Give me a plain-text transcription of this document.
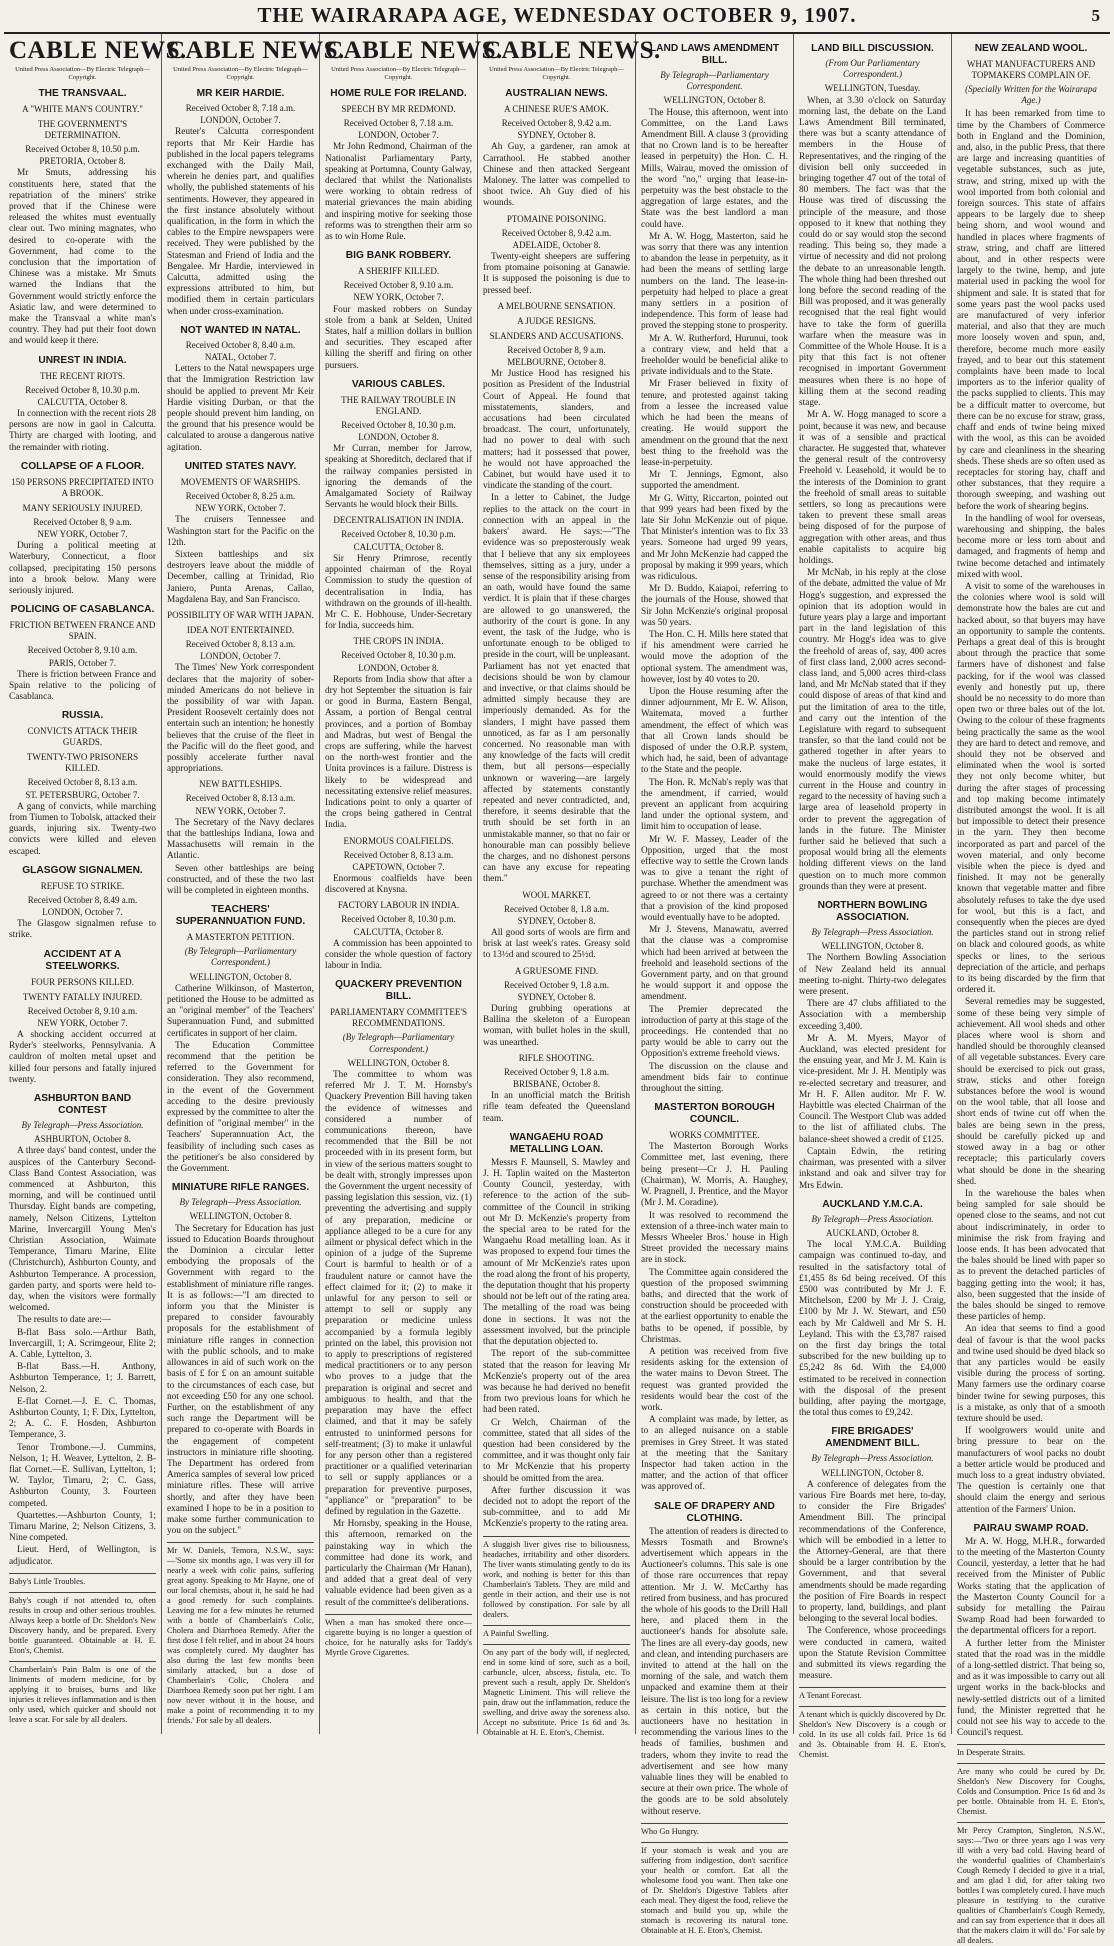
THE WAIRARAPA AGE, WEDNESDAY OCTOBER 9, 1907.	5
CABLE NEWS.
United Press Association—By Electric Telegraph—Copyright.
THE TRANSVAAL.
A "WHITE MAN'S COUNTRY."
THE GOVERNMENT'S DETERMINATION.
Received October 8, 10.50 p.m.
PRETORIA, October 8.
Mr Smuts, addressing his constituents here, stated that the repatriation of the miners' strike proved that if the Chinese were released the whites must eventually clear out. Two mining magnates, who desired to co-operate with the Government, had come to the conclusion that the importation of Chinese was a mistake. Mr Smuts warned the Indians that the Government would strictly enforce the Asiatic law, and were determined to make the Transvaal a white man's country. They had put their foot down and would keep it there.
UNREST IN INDIA.
THE RECENT RIOTS.
Received October 8, 10.30 p.m.
CALCUTTA, October 8.
In connection with the recent riots 28 persons are now in gaol in Calcutta. Thirty are charged with looting, and the remainder with rioting.
COLLAPSE OF A FLOOR.
150 PERSONS PRECIPITATED INTO A BROOK.
MANY SERIOUSLY INJURED.
Received October 8, 9 a.m.
NEW YORK, October 7.
During a political meeting at Waterbury, Connecticut, a floor collapsed, precipitating 150 persons into a brook below. Many were seriously injured.
POLICING OF CASABLANCA.
FRICTION BETWEEN FRANCE AND SPAIN.
Received October 8, 9.10 a.m.
PARIS, October 7.
There is friction between France and Spain relative to the policing of Casablanca.
RUSSIA.
CONVICTS ATTACK THEIR GUARDS.
TWENTY-TWO PRISONERS KILLED.
Received October 8, 8.13 a.m.
ST. PETERSBURG, October 7.
A gang of convicts, while marching from Tiumen to Tobolsk, attacked their guards, injuring six. Twenty-two convicts were killed and eleven escaped.
GLASGOW SIGNALMEN.
REFUSE TO STRIKE.
Received October 8, 8.49 a.m.
LONDON, October 7.
The Glasgow signalmen refuse to strike.
ACCIDENT AT A STEELWORKS.
FOUR PERSONS KILLED.
TWENTY FATALLY INJURED.
Received October 8, 9.10 a.m.
NEW YORK, October 7.
A shocking accident occurred at Ryder's steelworks, Pennsylvania. A cauldron of molten metal upset and killed four persons and fatally injured twenty.
ASHBURTON BAND CONTEST
By Telegraph—Press Association.
ASHBURTON, October 8.
A three days' band contest, under the auspices of the Canterbury Second-Class Band Contest Association, was commenced at Ashburton, this morning, and will be continued until Thursday. Eight bands are competing, namely, Nelson Citizens, Lyttelton Marine, Invercargill Young Men's Christian Association, Waimate Temperance, Timaru Marine, Elite (Christchurch), Ashburton County, and Ashburton Temperance. A procession, garden party, and sports were held to-day, when the visitors were formally welcomed.
The results to date are:—
B-flat Bass solo.—Arthur Bath, Invercargill, 1; A. Scrimgeour, Elite 2; A. Cable, Lyttelton, 3.
B-flat Bass.—H. Anthony, Ashburton Temperance, 1; J. Barrett, Nelson, 2.
E-flat Cornet.—J. E. C. Thomas, Ashburton County, 1; F. Dix, Lyttelton, 2; A. C. F. Hosden, Ashburton Temperance, 3.
Tenor Trombone.—J. Cummins, Nelson, 1; H. Weaver, Lyttelton, 2. B-flat Cornet.—E. Sullivan, Lyttelton, 1; W. Taylor, Timaru, 2; C. Gass, Ashburton County, 3. Fourteen competed.
Quartettes.—Ashburton County, 1; Timaru Marine, 2; Nelson Citizens, 3. Nine competed.
Lieut. Herd, of Wellington, is adjudicator.
Baby's Little Troubles.
Baby's cough if not attended to, often results in croup and other serious troubles. Always keep a bottle of Dr. Sheldon's New Discovery handy, and be prepared. Every bottle guaranteed. Obtainable at H. E. Eton's, Chemist.
Chamberlain's Pain Balm is one of the liniments of modern medicine, for by applying it to bruises, burns and like injuries it relieves inflammation and is then only used, which quicker and should not leave a scar. For sale by all dealers.
CABLE NEWS.
United Press Association—By Electric Telegraph—Copyright.
MR KEIR HARDIE.
Received October 8, 7.18 a.m.
LONDON, October 7.
Reuter's Calcutta correspondent reports that Mr Keir Hardie has published in the local papers telegrams exchanged with the Daily Mail, wherein he denies part, and qualifies wholly, the published statements of his sentiments. However, they appeared in the first instance absolutely without qualification, in the form in which the cables to the Empire newspapers were received. They were published by the Statesman and Friend of India and the Bengalee. Mr Hardie, interviewed in Calcutta, admitted using the expressions attributed to him, but modified them in certain particulars when under cross-examination.
NOT WANTED IN NATAL.
Received October 8, 8.40 a.m.
NATAL, October 7.
Letters to the Natal newspapers urge that the Immigration Restriction law should be applied to prevent Mr Keir Hardie visiting Durban, or that the people should prevent him landing, on the ground that his presence would be calculated to arouse a dangerous native agitation.
UNITED STATES NAVY.
MOVEMENTS OF WARSHIPS.
Received October 8, 8.25 a.m.
NEW YORK, October 7.
The cruisers Tennessee and Washington start for the Pacific on the 12th.
Sixteen battleships and six destroyers leave about the middle of December, calling at Trinidad, Rio Janiero, Punta Arenas, Callao, Magdalena Bay, and San Francisco.
POSSIBILITY OF WAR WITH JAPAN.
IDEA NOT ENTERTAINED.
Received October 8, 8.13 a.m.
LONDON, October 7.
The Times' New York correspondent declares that the majority of sober-minded Americans do not believe in the possibility of war with Japan. President Roosevelt certainly does not entertain such an intention; he honestly believes that the cruise of the fleet in the Pacific will do the fleet good, and possibly accelerate further naval appropriations.
NEW BATTLESHIPS.
Received October 8, 8.13 a.m.
NEW YORK, October 7.
The Secretary of the Navy declares that the battleships Indiana, Iowa and Massachusetts will remain in the Atlantic.
Seven other battleships are being constructed, and of these the two last will be completed in eighteen months.
TEACHERS' SUPERANNUATION FUND.
A MASTERTON PETITION.
(By Telegraph—Parliamentary Correspondent.)
WELLINGTON, October 8.
Catherine Wilkinson, of Masterton, petitioned the House to be admitted as an "original member" of the Teachers' Superannuation Fund, and submitted certificates in support of her claim.
The Education Committee recommend that the petition be referred to the Government for consideration. They also recommend, in the event of the Government acceding to the desire previously expressed by the committee to alter the definition of "original member" in the Teachers' Superannuation Act, the feasibility of including such cases as the petitioner's be also considered by the Government.
MINIATURE RIFLE RANGES.
By Telegraph—Press Association.
WELLINGTON, October 8.
The Secretary for Education has just issued to Education Boards throughout the Dominion a circular letter embodying the proposals of the Government with regard to the establishment of miniature rifle ranges. It is as follows:—"I am directed to inform you that the Minister is prepared to consider favourably proposals for the establishment of miniature rifle ranges in connection with the public schools, and to make allowances in aid of such work on the basis of £ for £ on an amount suitable to the circumstances of each case, but not exceeding £50 for any one school. Further, on the establishment of any such range the Department will be prepared to co-operate with Boards in the engagement of competent instructors in miniature rifle shooting. The Department has ordered from America samples of several low priced miniature rifles. These will arrive shortly, and after they have been examined I hope to be in a position to make some further communication to you on the subject."
Mr W. Daniels, Temora, N.S.W., says:—'Some six months ago, I was very ill for nearly a week with colic pains, suffering great agony. Speaking to Mr Hayne, one of our local chemists, about it, he said he had a good remedy for such complaints. Leaving me for a few minutes he returned with a bottle of Chamberlain's Colic, Cholera and Diarrhoea Remedy. After the first dose I felt relief, and in about 24 hours was completely cured. My daughter has also during the last few months been similarly attacked, but a dose of Chamberlain's Colic, Cholera and Diarrhoea Remedy soon put her right. I am now never without it in the house, and make a point of recommending it to my friends.' For sale by all dealers.
CABLE NEWS.
United Press Association—By Electric Telegraph—Copyright.
HOME RULE FOR IRELAND.
SPEECH BY MR REDMOND.
Received October 8, 7.18 a.m.
LONDON, October 7.
Mr John Redmond, Chairman of the Nationalist Parliamentary Party, speaking at Portumna, County Galway, declared that whilst the Nationalists were working to obtain redress of material grievances the main abiding and inspiring motive for seeking those reforms was to strengthen their arm so as to win Home Rule.
BIG BANK ROBBERY.
A SHERIFF KILLED.
Received October 8, 9.10 a.m.
NEW YORK, October 7.
Four masked robbers on Sunday stole from a bank at Selden, United States, half a million dollars in bullion and securities. They escaped after killing the sheriff and firing on other pursuers.
VARIOUS CABLES.
THE RAILWAY TROUBLE IN ENGLAND.
Received October 8, 10.30 p.m.
LONDON, October 8.
Mr Curran, member for Jarrow, speaking at Shoreditch, declared that if the railway companies persisted in ignoring the demands of the Amalgamated Society of Railway Servants he would block their Bills.
DECENTRALISATION IN INDIA.
Received October 8, 10.30 p.m.
CALCUTTA, October 8.
Sir Henry Primrose, recently appointed chairman of the Royal Commission to study the question of decentralisation in India, has withdrawn on the grounds of ill-health. Mr C. E. Hobhouse, Under-Secretary for India, succeeds him.
THE CROPS IN INDIA.
Received October 8, 10.30 p.m.
LONDON, October 8.
Reports from India show that after a dry hot September the situation is fair or good in Burma, Eastern Bengal, Assam, a portion of Bengal central provinces, and a portion of Bombay and Madras, but west of Bengal the crops are suffering, while the harvest on the north-west frontier and the Unita provinces is a failure. Distress is likely to be widespread and necessitating extensive relief measures. Indications point to only a quarter of the crops being gathered in Central India.
ENORMOUS COALFIELDS.
Received October 8, 8.13 a.m.
CAPETOWN, October 7.
Enormous coalfields have been discovered at Knysna.
FACTORY LABOUR IN INDIA.
Received October 8, 10.30 p.m.
CALCUTTA, October 8.
A commission has been appointed to consider the whole question of factory labour in India.
QUACKERY PREVENTION BILL.
PARLIAMENTARY COMMITTEE'S RECOMMENDATIONS.
(By Telegraph—Parliamentary Correspondent.)
WELLINGTON, October 8.
The committee to whom was referred Mr J. T. M. Hornsby's Quackery Prevention Bill having taken the evidence of witnesses and considered a number of communications thereon, have recommended that the Bill be not proceeded with in its present form, but in view of the serious matters sought to be dealt with, strongly impresses upon the Government the urgent necessity of passing legislation this session, viz. (1) preventing the advertising and supply of any preparation, medicine or appliance alleged to be a cure for any ailment or physical defect which in the opinion of a judge of the Supreme Court is harmful to health or of a fraudulent nature or cannot have the effect claimed for it; (2) to make it unlawful for any person to sell or attempt to sell or supply any preparation or medicine unless accompanied by a formula legibly printed on the label, this provision not to apply to prescriptions of registered medical practitioners or to any person who proves to a judge that the preparation is original and secret and ambiguous to health, and that the preparation may have the effect claimed, and that it may be safely entrusted to uninformed persons for self-treatment; (3) to make it unlawful for any person other than a registered practitioner or a qualified veterinarian to sell or supply appliances or a preparation for preventive purposes, "appliance" or "preparation" to be defined by regulation in the Gazette.
Mr Hornsby, speaking in the House, this afternoon, remarked on the painstaking way in which the committee had done its work, and particularly the Chairman (Mr Hanan), and added that a great deal of very valuable evidence had been given as a result of the committee's deliberations.
When a man has smoked there once—cigarette buying is no longer a question of choice, for he naturally asks for Taddy's Myrtle Grove Cigarettes.
CABLE NEWS.
United Press Association—By Electric Telegraph—Copyright.
AUSTRALIAN NEWS.
A CHINESE RUE'S AMOK.
Received October 8, 9.42 a.m.
SYDNEY, October 8.
Ah Guy, a gardener, ran amok at Carrathool. He stabbed another Chinese and then attacked Sergeant Maloney. The latter was compelled to shoot twice. Ah Guy died of his wounds.
PTOMAINE POISONING.
Received October 8, 9.42 a.m.
ADELAIDE, October 8.
Twenty-eight sheepers are suffering from ptomaine poisoning at Ganawie. It is supposed the poisoning is due to pressed beef.
A MELBOURNE SENSATION.
A JUDGE RESIGNS.
SLANDERS AND ACCUSATIONS.
Received October 8, 9 a.m.
MELBOURNE, October 8.
Mr Justice Hood has resigned his position as President of the Industrial Court of Appeal. He found that misstatements, slanders, and accusations had been circulated broadcast. The court, unfortunately, had no power to deal with such matters; had it possessed that power, he would not have approached the Cabinet, but would have used it to vindicate the standing of the court.
In a letter to Cabinet, the Judge replies to the attack on the court in connection with an appeal in the bakers' award. He says:—"The evidence was so preposterously weak that I believe that any six employees themselves, sitting as a jury, under a sense of the responsibility arising from an oath, would have found the same verdict. It is plain that if these charges are allowed to go unanswered, the authority of the court is gone. In any event, the task of the Judge, who is unfortunate enough to be obliged to preside in the court, will be unpleasant. Parliament has not yet enacted that decisions should be won by clamour and invective, or that claims should be admitted simply because they are imperiously demanded. As for the slanders, I might have passed them unnoticed, as far as I am personally concerned. No reasonable man with any knowledge of the facts will credit them, but all persons—especially unknown or wavering—are largely affected by statements constantly repeated and never contradicted, and, therefore, it seems desirable that the truth should be set forth in an unmistakable manner, so that no fair or honourable man can possibly believe the charges, and no dishonest persons can have any excuse for repeating them."
WOOL MARKET.
Received October 8, 1.8 a.m.
SYDNEY, October 8.
All good sorts of wools are firm and brisk at last week's rates. Greasy sold to 13½d and scoured to 25½d.
A GRUESOME FIND.
Received October 9, 1.8 a.m.
SYDNEY, October 8.
During grubbing operations at Ballina the skeleton of a European woman, with bullet holes in the skull, was unearthed.
RIFLE SHOOTING.
Received October 9, 1.8 a.m.
BRISBANE, October 8.
In an unofficial match the British rifle team defeated the Queensland team.
WANGAEHU ROAD METALLING LOAN.
Messrs F. Maunsell, S. Mawley and J. H. Taplin waited on the Masterton County Council, yesterday, with reference to the action of the sub-committee of the Council in striking out Mr D. McKenzie's property from the special area to be rated for the Wangaehu Road metalling loan. As it was proposed to expend four times the amount of Mr McKenzie's rates upon the road along the front of his property, the deputation thought that his property should not be left out of the rating area. The metalling of the road was being done in sections. It was not the assessment involved, but the principle that the deputation objected to.
The report of the sub-committee stated that the reason for leaving Mr McKenzie's property out of the area was because he had derived no benefit from two previous loans for which he had been rated.
Cr Welch, Chairman of the committee, stated that all sides of the question had been considered by the committee, and it was thought only fair to Mr McKenzie that his property should be omitted from the area.
After further discussion it was decided not to adopt the report of the sub-committee, and to add Mr McKenzie's property to the rating area.
A sluggish liver gives rise to biliousness, headaches, irritability and other disorders. The liver wants stimulating gently to do its work, and nothing is better for this than Chamberlain's Tablets. They are mild and gentle in their action, and their use is not followed by constipation. For sale by all dealers.
A Painful Swelling.
On any part of the body will, if neglected, end in some kind of sore, such as a boil, carbuncle, ulcer, abscess, fistula, etc. To prevent such a result, apply Dr. Sheldon's Magnetic Liniment. This will relieve the pain, draw out the inflammation, reduce the swelling, and drive away the soreness also. Accept no substitute. Price 1s 6d and 3s. Obtainable at H. E. Eton's, Chemist.
LAND LAWS AMENDMENT BILL.
By Telegraph—Parliamentary Correspondent.
WELLINGTON, October 8.
The House, this afternoon, went into Committee, on the Land Laws Amendment Bill. A clause 3 (providing that no Crown land is to be hereafter leased in perpetuity) the Hon. C. H. Mills, Wairau, moved the omission of the word "no," urging that lease-in-perpetuity was the best obstacle to the aggregation of large estates, and the State was the best landlord a man could have.
Mr A. W. Hogg, Masterton, said he was sorry that there was any intention to abandon the lease in perpetuity, as it had been the means of settling large numbers on the land. The lease-in-perpetuity had helped to place a great many settlers in a position of independence. This form of lease had proved the stepping stone to prosperity.
Mr A. W. Rutherford, Hurunui, took a contrary view, and held that a freeholder would be beneficial alike to private individuals and to the State.
Mr Fraser believed in fixity of tenure, and protested against taking from a lessee the increased value which he had been the means of creating. He would support the amendment on the ground that the next best thing to the freehold was the lease-in-perpetuity.
Mr T. Jennings, Egmont, also supported the amendment.
Mr G. Witty, Riccarton, pointed out that 999 years had been fixed by the late Sir John McKenzie out of pique. That Minister's intention was to fix 33 years. Someone had urged 99 years, and Mr John McKenzie had capped the proposal by making it 999 years, which was ridiculous.
Mr D. Buddo, Kaiapoi, referring to the journals of the House, showed that Sir John McKenzie's original proposal was 50 years.
The Hon. C. H. Mills here stated that if his amendment were carried he would move the adoption of the optional system. The amendment was, however, lost by 40 votes to 20.
Upon the House resuming after the dinner adjournment, Mr E. W. Alison, Waitemata, moved a further amendment, the effect of which was that all Crown lands should be disposed of under the O.R.P. system, which had, he said, been of advantage to the State and the people.
The Hon. R. McNab's reply was that the amendment, if carried, would prevent an applicant from acquiring land under the optional system, and limit him to occupation of lease.
Mr W. F. Massey, Leader of the Opposition, urged that the most effective way to settle the Crown lands was to give a tenant the right of purchase. Whether the amendment was agreed to or not there was a certainty that a provision of the kind proposed would eventually have to be adopted.
Mr J. Stevens, Manawatu, averred that the clause was a compromise which had been arrived at between the freehold and leasehold sections of the Government party, and on that ground he would support it and oppose the amendment.
The Premier deprecated the introduction of party at this stage of the proceedings. He contended that no party would be able to carry out the Opposition's extreme freehold views.
The discussion on the clause and amendment bids fair to continue throughout the sitting.
MASTERTON BOROUGH COUNCIL.
WORKS COMMITTEE.
The Masterton Borough Works Committee met, last evening, there being present—Cr J. H. Pauling (Chairman), W. Morris, A. Haughey, W. Pragnell, J. Prentice, and the Mayor (Mr J. M. Coradine).
It was resolved to recommend the extension of a three-inch water main to Messrs Wheeler Bros.' house in High Street provided the necessary mains are in stock.
The Committee again considered the question of the proposed swimming baths, and directed that the work of construction should be proceeded with at the earliest opportunity to enable the baths to be opened, if possible, by Christmas.
A petition was received from five residents asking for the extension of the water mains to Devon Street. The request was granted provided the residents would bear the cost of the work.
A complaint was made, by letter, as to an alleged nuisance on a stable premises in Grey Street. It was stated at the meeting that the Sanitary Inspector had taken action in the matter, and the action of that officer was approved of.
SALE OF DRAPERY AND CLOTHING.
The attention of readers is directed to Messrs Tosmath and Browne's advertisement which appears in the Auctioneer's columns. This sale is one of those rare occurrences that repay attention. Mr J. W. McCarthy has retired from business, and has procured the whole of his goods to the Drill Hall here, and placed them in the auctioneer's hands for absolute sale. The lines are all every-day goods, new and clean, and intending purchasers are invited to attend at the hall on the morning of the sale, and watch them unpacked and examine them at their leisure. The list is too long for a review as certain in this notice, but the auctioneers have no hesitation in recommending the various lines to the heads of families, bushmen and traders, whom they invite to read the advertisement and see how many valuable lines they will be enabled to secure at their own price. The whole of the goods are to be sold absolutely without reserve.
Who Go Hungry.
If your stomach is weak and you are suffering from indigestion, don't sacrifice your health or comfort. Eat all the wholesome food you want. Then take one of Dr. Sheldon's Digestive Tablets after each meal. They digest the food, relieve the stomach and build you up, while the stomach is recovering its natural tone. Obtainable at H. E. Eton's, Chemist.
LAND BILL DISCUSSION.
(From Our Parliamentary Correspondent.)
WELLINGTON, Tuesday.
When, at 3.30 o'clock on Saturday morning last, the debate on the Land Laws Amendment Bill terminated, there was but a scanty attendance of members in the House of Representatives, and the ringing of the division bell only succeeded in bringing together 47 out of the total of 80 members. The fact was that the House was tired of discussing the principle of the measure, and those opposed to it knew that nothing they could do or say would stop the second reading. This being so, they made a virtue of necessity and did not prolong the debate to an unreasonable length. The whole thing had been threshed out long before the second reading of the Bill was proposed, and it was generally recognised that the real fight would have to take the form of guerilla warfare when the measure was in Committee of the Whole House. It is a pity that this fact is not oftener recognised in important Government measures when there is no hope of killing them at the second reading stage.
Mr A. W. Hogg managed to score a point, because it was new, and because it was of a sensible and practical character. He suggested that, whatever the general result of the controversy Freehold v. Leasehold, it would be to the interests of the Dominion to grant the freehold of small areas to suitable settlers, so long as precautions were taken to prevent these small areas being disposed of for the purpose of aggregation with other areas, and thus enable capitalists to acquire big holdings.
Mr McNab, in his reply at the close of the debate, admitted the value of Mr Hogg's suggestion, and expressed the opinion that its adoption would in future years play a large and important part in the land legislation of this country. Mr Hogg's idea was to give the freehold of areas of, say, 400 acres of first class land, 2,000 acres second-class land, and 5,000 acres third-class land, and Mr McNab stated that if they could dispose of areas of that kind and put the limitation of area to the title, and carry out the intention of the Legislature with regard to subsequent transfer, so that the land could not be gathered together in after years to make the nucleus of large estates, it would enormously modify the views current in the House and country in regard to the necessity of having such a large area of leasehold property in order to prevent the aggregation of lands in the future. The Minister further said he believed that such a proposal would bring all the elements holding different views on the land question on to much more common grounds than they were at present.
NORTHERN BOWLING ASSOCIATION.
By Telegraph—Press Association.
WELLINGTON, October 8.
The Northern Bowling Association of New Zealand held its annual meeting to-night. Thirty-two delegates were present.
There are 47 clubs affiliated to the Association with a membership exceeding 3,400.
Mr A. M. Myers, Mayor of Auckland, was elected president for the ensuing year, and Mr J. M. Kain is vice-president. Mr J. H. Mentiply was re-elected secretary and treasurer, and Mr H. F. Allen auditor. Mr F. W. Haybittle was elected Chairman of the Council. The Westport Club was added to the list of affiliated clubs. The balance-sheet showed a credit of £125.
Captain Edwin, the retiring chairman, was presented with a silver inkstand and oak and silver tray for Mrs Edwin.
AUCKLAND Y.M.C.A.
By Telegraph—Press Association.
AUCKLAND, October 8.
The local Y.M.C.A. Building campaign was continued to-day, and resulted in the satisfactory total of £1,455 8s 6d being received. Of this £500 was contributed by Mr J. F. Mitchelson, £200 by Mr J. J. Craig, £100 by Mr J. W. Stewart, and £50 each by Mr Caldwell and Mr S. H. Leyland. This with the £3,787 raised on the first day brings the total subscribed for the new building up to £5,242 8s 6d. With the £4,000 estimated to be received in connection with the disposal of the present building, after paying the mortgage, the total thus comes to £9,242.
FIRE BRIGADES' AMENDMENT BILL.
By Telegraph—Press Association.
WELLINGTON, October 8.
A conference of delegates from the various Fire Boards met here, to-day, to consider the Fire Brigades' Amendment Bill. The principal recommendations of the Conference, which will be embodied in a letter to the Attorney-General, are that there should be a larger contribution by the Government, and that several amendments should be made regarding the position of Fire Boards in respect to property, land, buildings, and plant belonging to the several local bodies.
The Conference, whose proceedings were conducted in camera, waited upon the Statute Revision Committee and submitted its views regarding the measure.
A Tenant Forecast.
A tenant which is quickly discovered by Dr. Sheldon's New Discovery is a cough or cold. In its use all colds fail. Price 1s 6d and 3s. Obtainable from H. E. Eton's, Chemist.
NEW ZEALAND WOOL.
WHAT MANUFACTURERS AND TOPMAKERS COMPLAIN OF.
(Specially Written for the Wairarapa Age.)
It has been remarked from time to time by the Chambers of Commerce both in England and the Dominion, and, also, in the public Press, that there are large and increasing quantities of vegetable substances, such as jute, straw, and string, mixed up with the wool imported from both colonial and foreign sources. This state of affairs appears to be largely due to sheep being shorn, and wool wound and handled in places where fragments of straw, string, and chaff are littered about, and in other respects were largely to the twine, hemp, and jute material used in packing the wool for shipment and sale. It is stated that for some years past the wool packs used are manufactured of very inferior material, and also that they are much more loosely woven and spun, and, therefore, become much more easily frayed, and to bear out this statement complaints have been made to local importers as to the inferior quality of the packs supplied to clients. This may be a difficult matter to overcome, but there can be no excuse for straw, grass, chaff and ends of twine being mixed with the wool, as this can be avoided by care and cleanliness in the shearing sheds. These sheds are so often used as receptacles for storing hay, chaff and other substances, that they require a thorough sweeping, and washing out before the work of shearing begins.
In the handling of wool for overseas, warehousing and shipping, the bales become more or less torn about and damaged, and fragments of hemp and twine become detached and intimately mixed with wool.
A visit to some of the warehouses in the colonies where wool is sold will demonstrate how the bales are cut and hacked about, so that buyers may have an opportunity to sample the contents. Perhaps a great deal of this is brought about through the practice that some farmers have of dishonest and false packing, for if the wool was classed evenly and honestly put up, there should be no necessity to do more than open two or three bales out of the lot. Owing to the colour of these fragments being practically the same as the wool they are hard to detect and remove, and should they not be observed and eliminated when the wool is sorted they not only become whiter, but during the after stages of processing and top making become intimately distributed amongst the wool. It is all but impossible to detect their presence in the yarn. They then become incorporated as part and parcel of the woven material, and only become visible when the piece is dyed and finished. It may not be generally known that vegetable matter and fibre absolutely refuses to take the dye used for wool, but this is a fact, and consequently when the pieces are dyed the particles stand out in strong relief on black and coloured goods, as white specks or lines, to the serious depreciation of the article, and perhaps to its being discarded by the firm that ordered it.
Several remedies may be suggested, some of these being very simple of achievement. All wool sheds and other places where wool is shorn and handled should be thoroughly cleansed of all vegetable substances. Every care should be exercised to pick out grass, straw, sticks and other foreign substances before the wool is wound on the wool table, that all loose and short ends of twine cut off when the bales are being sewn in the press, should be carefully picked up and stowed away in a bag or other receptacle; this particularly covers what should be done in the shearing shed.
In the warehouse the bales when being sampled for sale should be opened close to the seams, and not cut about indiscriminately, in order to minimise the risk from fraying and loose ends. It has been advocated that the bales should be lined with paper so as to prevent the detached particles of bagging getting into the wool; it has, also, been suggested that the inside of the bales should be singed to remove these particles of hemp.
An idea that seems to find a good deal of favour is that the wool packs and twine used should be dyed black so that any particles would be easily visible during the process of sorting. Many farmers use the ordinary coarse binder twine for sewing purposes, this is a mistake, as only that of a smooth texture should be used.
If woolgrowers would unite and bring pressure to bear on the manufacturers of wool packs no doubt a better article would be produced and much loss to a great industry obviated. The question is certainly one that should claim the energy and serious attention of the Farmers' Union.
PAIRAU SWAMP ROAD.
Mr A. W. Hogg, M.H.R., forwarded to the meeting of the Masterton County Council, yesterday, a letter that he had received from the Minister of Public Works stating that the application of the Masterton County Council for a subsidy for metalling the Pairau Swamp Road had been forwarded to the departmental officers for a report.
A further letter from the Minister stated that the road was in the middle of a long-settled district. That being so, and as it was impossible to carry out all urgent works in the back-blocks and newly-settled districts out of a limited fund, the Minister regretted that he could not see his way to accede to the Council's request.
In Desperate Straits.
Are many who could be cured by Dr. Sheldon's New Discovery for Coughs, Colds and Consumption. Price 1s 6d and 3s per bottle. Obtainable from H. E. Eton's, Chemist.
Mr Percy Crampton, Singleton, N.S.W., says:—'Two or three years ago I was very ill with a very bad cold. Having heard of the wonderful qualities of Chamberlain's Cough Remedy I decided to give it a trial, and am glad I did, for after taking two bottles I was completely cured. I have much pleasure in testifying to the curative qualities of Chamberlain's Cough Remedy, and can say from experience that it does all that the makers claim it will do.' For sale by all dealers.
